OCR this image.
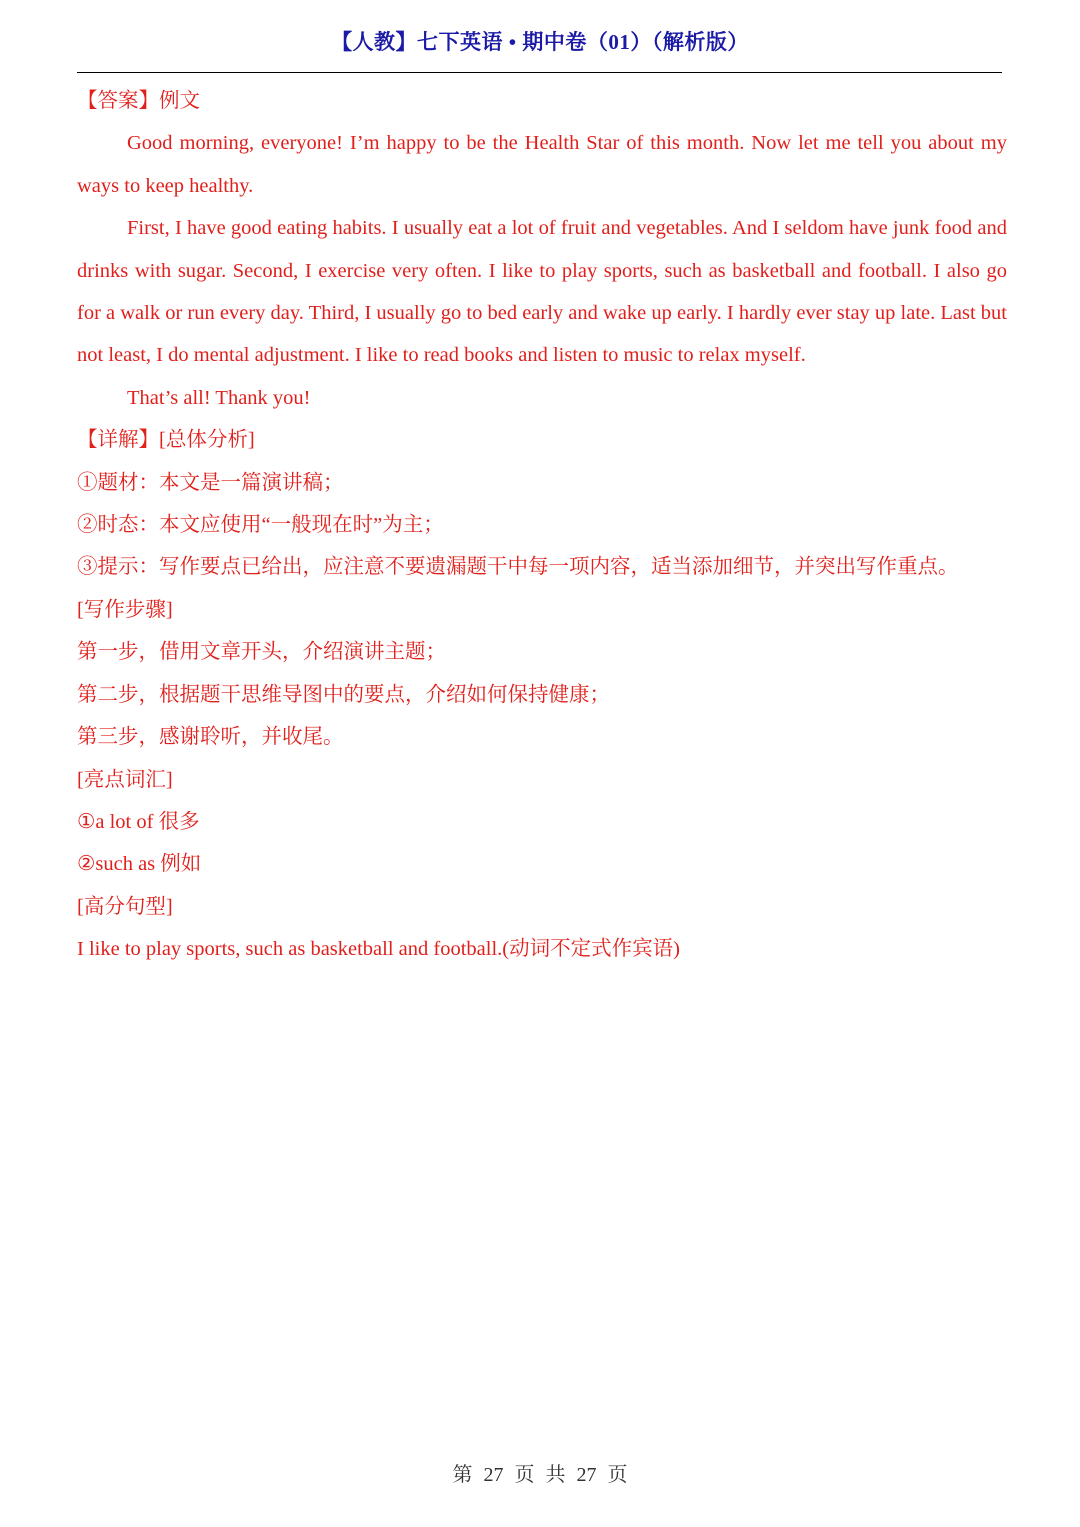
【人教】七下英语 • 期中卷（01）（解析版）

【答案】例文

Good morning, everyone! I’m happy to be the Health Star of this month. Now let me tell you about my ways to keep healthy.

First, I have good eating habits. I usually eat a lot of fruit and vegetables. And I seldom have junk food and drinks with sugar. Second, I exercise very often. I like to play sports, such as basketball and football. I also go for a walk or run every day. Third, I usually go to bed early and wake up early. I hardly ever stay up late. Last but not least, I do mental adjustment. I like to read books and listen to music to relax myself.

That’s all! Thank you!

【详解】[总体分析]

①题材：本文是一篇演讲稿；

②时态：本文应使用“一般现在时”为主；

③提示：写作要点已给出，应注意不要遗漏题干中每一项内容，适当添加细节，并突出写作重点。

[写作步骤]

第一步，借用文章开头，介绍演讲主题；

第二步，根据题干思维导图中的要点，介绍如何保持健康；

第三步，感谢聆听，并收尾。

[亮点词汇]

①a lot of 很多

②such as 例如

[高分句型]

I like to play sports, such as basketball and football.(动词不定式作宾语)

第 27 页 共 27 页
